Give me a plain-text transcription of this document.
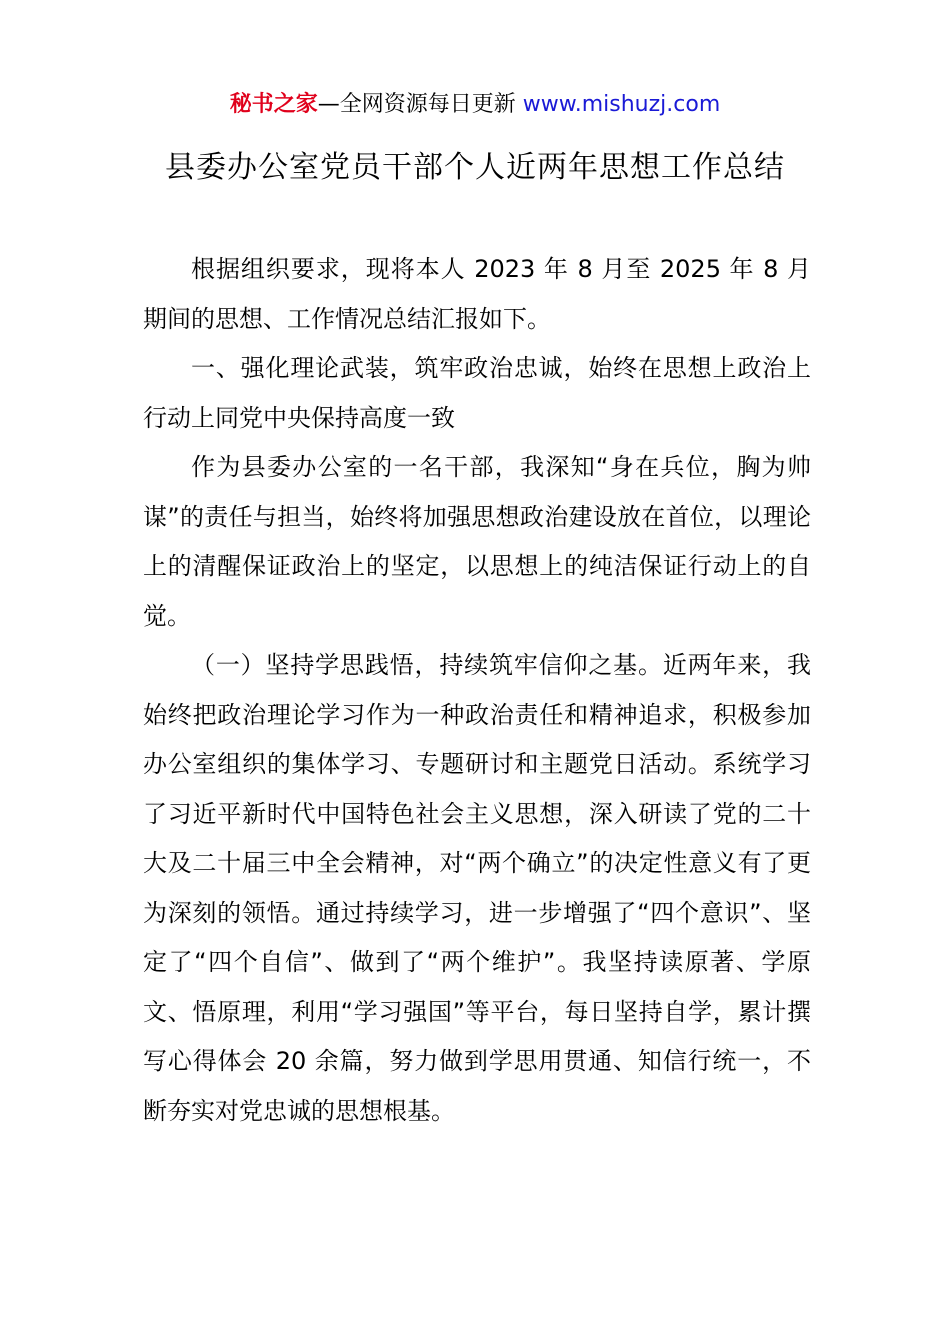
秘书之家—全网资源每日更新 www.mishuzj.com
县委办公室党员干部个人近两年思想工作总结

根据组织要求，现将本人 2023 年 8 月至 2025 年 8 月期间的思想、工作情况总结汇报如下。

一、强化理论武装，筑牢政治忠诚，始终在思想上政治上行动上同党中央保持高度一致

作为县委办公室的一名干部，我深知“身在兵位，胸为帅谋”的责任与担当，始终将加强思想政治建设放在首位，以理论上的清醒保证政治上的坚定，以思想上的纯洁保证行动上的自觉。

（一）坚持学思践悟，持续筑牢信仰之基。近两年来，我始终把政治理论学习作为一种政治责任和精神追求，积极参加办公室组织的集体学习、专题研讨和主题党日活动。系统学习了习近平新时代中国特色社会主义思想，深入研读了党的二十大及二十届三中全会精神，对“两个确立”的决定性意义有了更为深刻的领悟。通过持续学习，进一步增强了“四个意识”、坚定了“四个自信”、做到了“两个维护”。我坚持读原著、学原文、悟原理，利用“学习强国”等平台，每日坚持自学，累计撰写心得体会 20 余篇，努力做到学思用贯通、知信行统一，不断夯实对党忠诚的思想根基。
